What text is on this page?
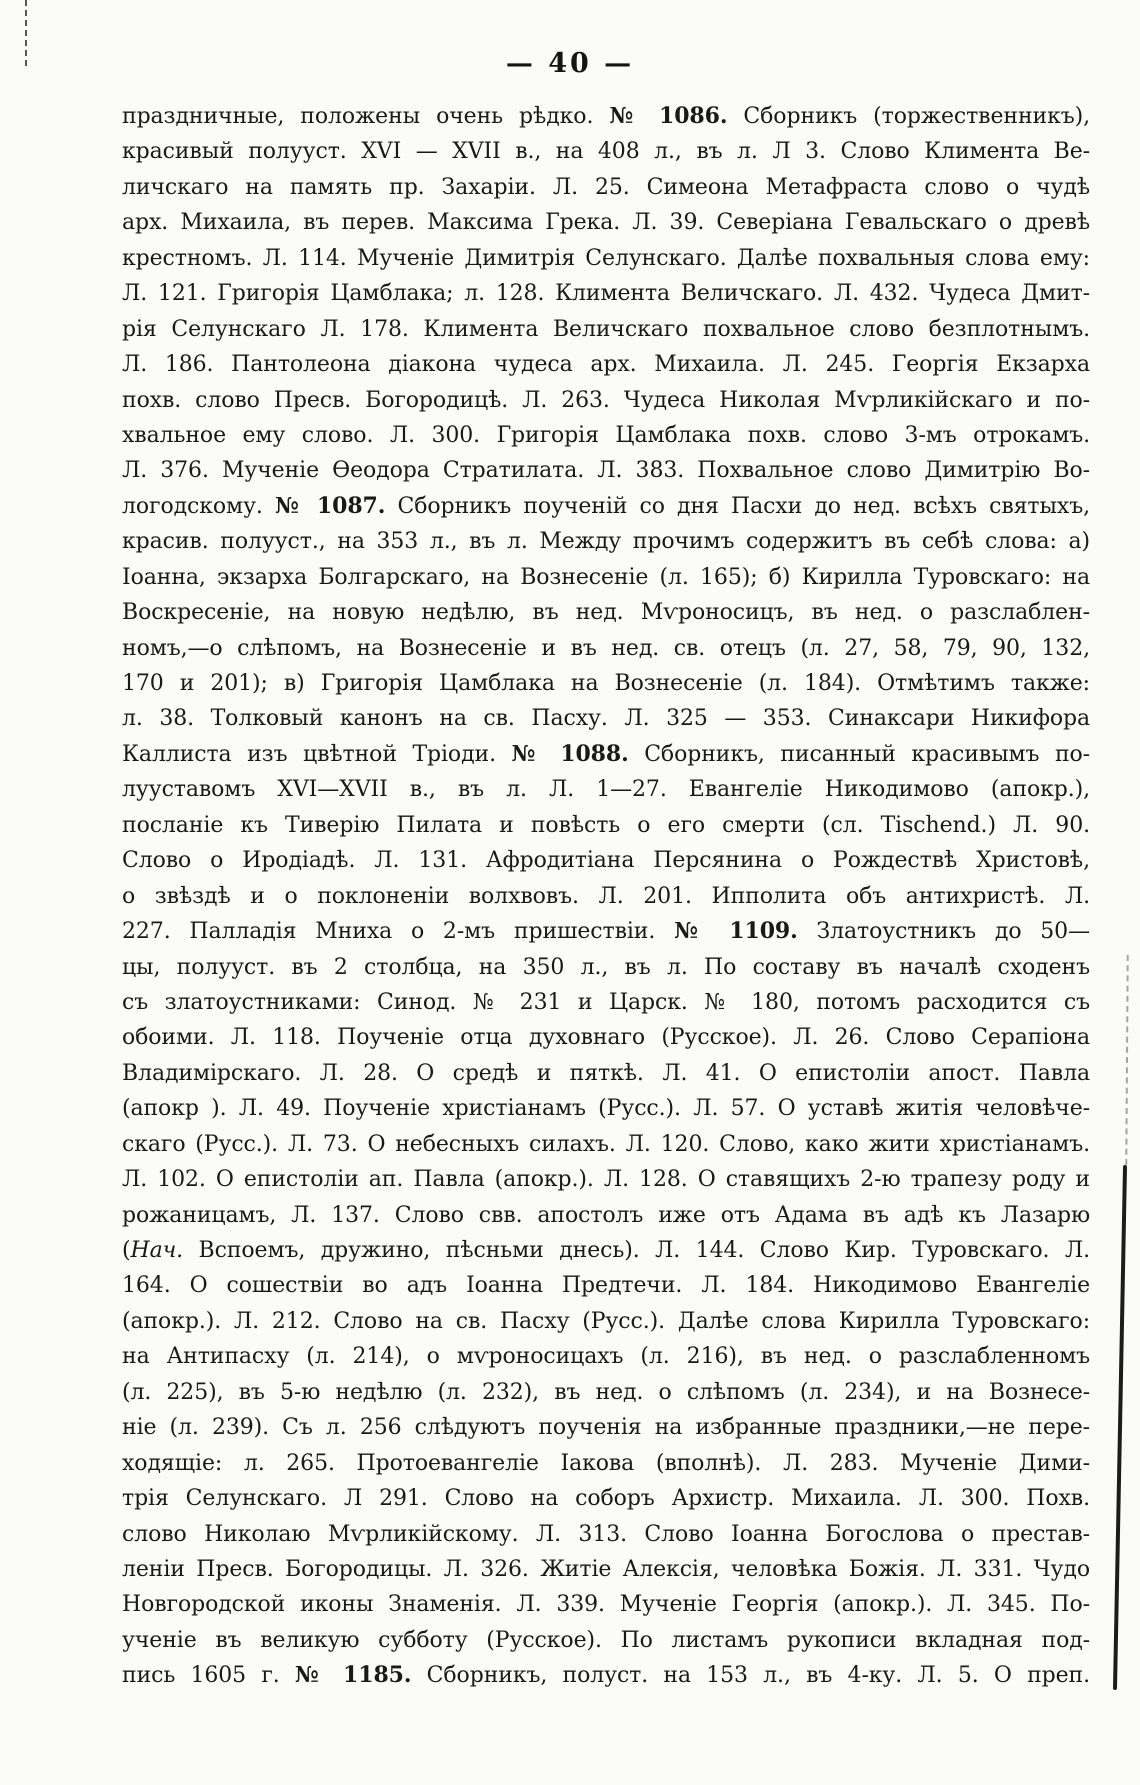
— 40 —
праздничные, положены очень рѣдко. № 1086. Сборникъ (торжественникъ),
красивый полууст. XVI — XVII в., на 408 л., въ л. Л 3. Слово Климента Ве-
личскаго на память пр. Захаріи. Л. 25. Симеона Метафраста слово о чудѣ
арх. Михаила, въ перев. Максима Грека. Л. 39. Северіана Гевальскаго о древѣ
крестномъ. Л. 114. Мученіе Димитрія Селунскаго. Далѣе похвальныя слова ему:
Л. 121. Григорія Цамблака; л. 128. Климента Величскаго. Л. 432. Чудеса Дмит-
рія Селунскаго Л. 178. Климента Величскаго похвальное слово безплотнымъ.
Л. 186. Пантолеона діакона чудеса арх. Михаила. Л. 245. Георгія Екзарха
похв. слово Пресв. Богородицѣ. Л. 263. Чудеса Николая Мѵрликійскаго и по-
хвальное ему слово. Л. 300. Григорія Цамблака похв. слово 3-мъ отрокамъ.
Л. 376. Мученіе Ѳеодора Стратилата. Л. 383. Похвальное слово Димитрію Во-
логодскому. № 1087. Сборникъ поученій со дня Пасхи до нед. всѣхъ святыхъ,
красив. полууст., на 353 л., въ л. Между прочимъ содержитъ въ себѣ слова: а)
Іоанна, экзарха Болгарскаго, на Вознесеніе (л. 165); б) Кирилла Туровскаго: на
Воскресеніе, на новую недѣлю, въ нед. Мѵроносицъ, въ нед. о разслаблен-
номъ,—о слѣпомъ, на Вознесеніе и въ нед. св. отецъ (л. 27, 58, 79, 90, 132,
170 и 201); в) Григорія Цамблака на Вознесеніе (л. 184). Отмѣтимъ также:
л. 38. Толковый канонъ на св. Пасху. Л. 325 — 353. Синаксари Никифора
Каллиста изъ цвѣтной Тріоди. № 1088. Сборникъ, писанный красивымъ по-
лууставомъ XVI—XVII в., въ л. Л. 1—27. Евангеліе Никодимово (апокр.),
посланіе къ Тиверію Пилата и повѣсть о его смерти (сл. Tischend.) Л. 90.
Слово о Иродіадѣ. Л. 131. Афродитіана Персянина о Рождествѣ Христовѣ,
о звѣздѣ и о поклоненіи волхвовъ. Л. 201. Ипполита объ антихристѣ. Л.
227. Палладія Мниха о 2-мъ пришествіи. № 1109. Златоустникъ до 50—
цы, полууст. въ 2 столбца, на 350 л., въ л. По составу въ началѣ сходенъ
съ златоустниками: Синод. № 231 и Царск. № 180, потомъ расходится съ
обоими. Л. 118. Поученіе отца духовнаго (Русское). Л. 26. Слово Серапіона
Владимірскаго. Л. 28. О средѣ и пяткѣ. Л. 41. О епистоліи апост. Павла
(апокр ). Л. 49. Поученіе христіанамъ (Русс.). Л. 57. О уставѣ житія человѣче-
скаго (Русс.). Л. 73. О небесныхъ силахъ. Л. 120. Слово, како жити христіанамъ.
Л. 102. О епистоліи ап. Павла (апокр.). Л. 128. О ставящихъ 2-ю трапезу роду и
рожаницамъ, Л. 137. Слово свв. апостолъ иже отъ Адама въ адѣ къ Лазарю
(Нач. Вспоемъ, дружино, пѣсньми днесь). Л. 144. Слово Кир. Туровскаго. Л.
164. О сошествіи во адъ Іоанна Предтечи. Л. 184. Никодимово Евангеліе
(апокр.). Л. 212. Слово на св. Пасху (Русс.). Далѣе слова Кирилла Туровскаго:
на Антипасху (л. 214), о мѵроносицахъ (л. 216), въ нед. о разслабленномъ
(л. 225), въ 5-ю недѣлю (л. 232), въ нед. о слѣпомъ (л. 234), и на Вознесе-
ніе (л. 239). Съ л. 256 слѣдуютъ поученія на избранные праздники,—не пере-
ходящіе: л. 265. Протоевангеліе Іакова (вполнѣ). Л. 283. Мученіе Дими-
трія Селунскаго. Л 291. Слово на соборъ Архистр. Михаила. Л. 300. Похв.
слово Николаю Мѵрликійскому. Л. 313. Слово Іоанна Богослова о престав-
леніи Пресв. Богородицы. Л. 326. Житіе Алексія, человѣка Божія. Л. 331. Чудо
Новгородской иконы Знаменія. Л. 339. Мученіе Георгія (апокр.). Л. 345. По-
ученіе въ великую субботу (Русское). По листамъ рукописи вкладная под-
пись 1605 г. № 1185. Сборникъ, полуст. на 153 л., въ 4-ку. Л. 5. О преп.
